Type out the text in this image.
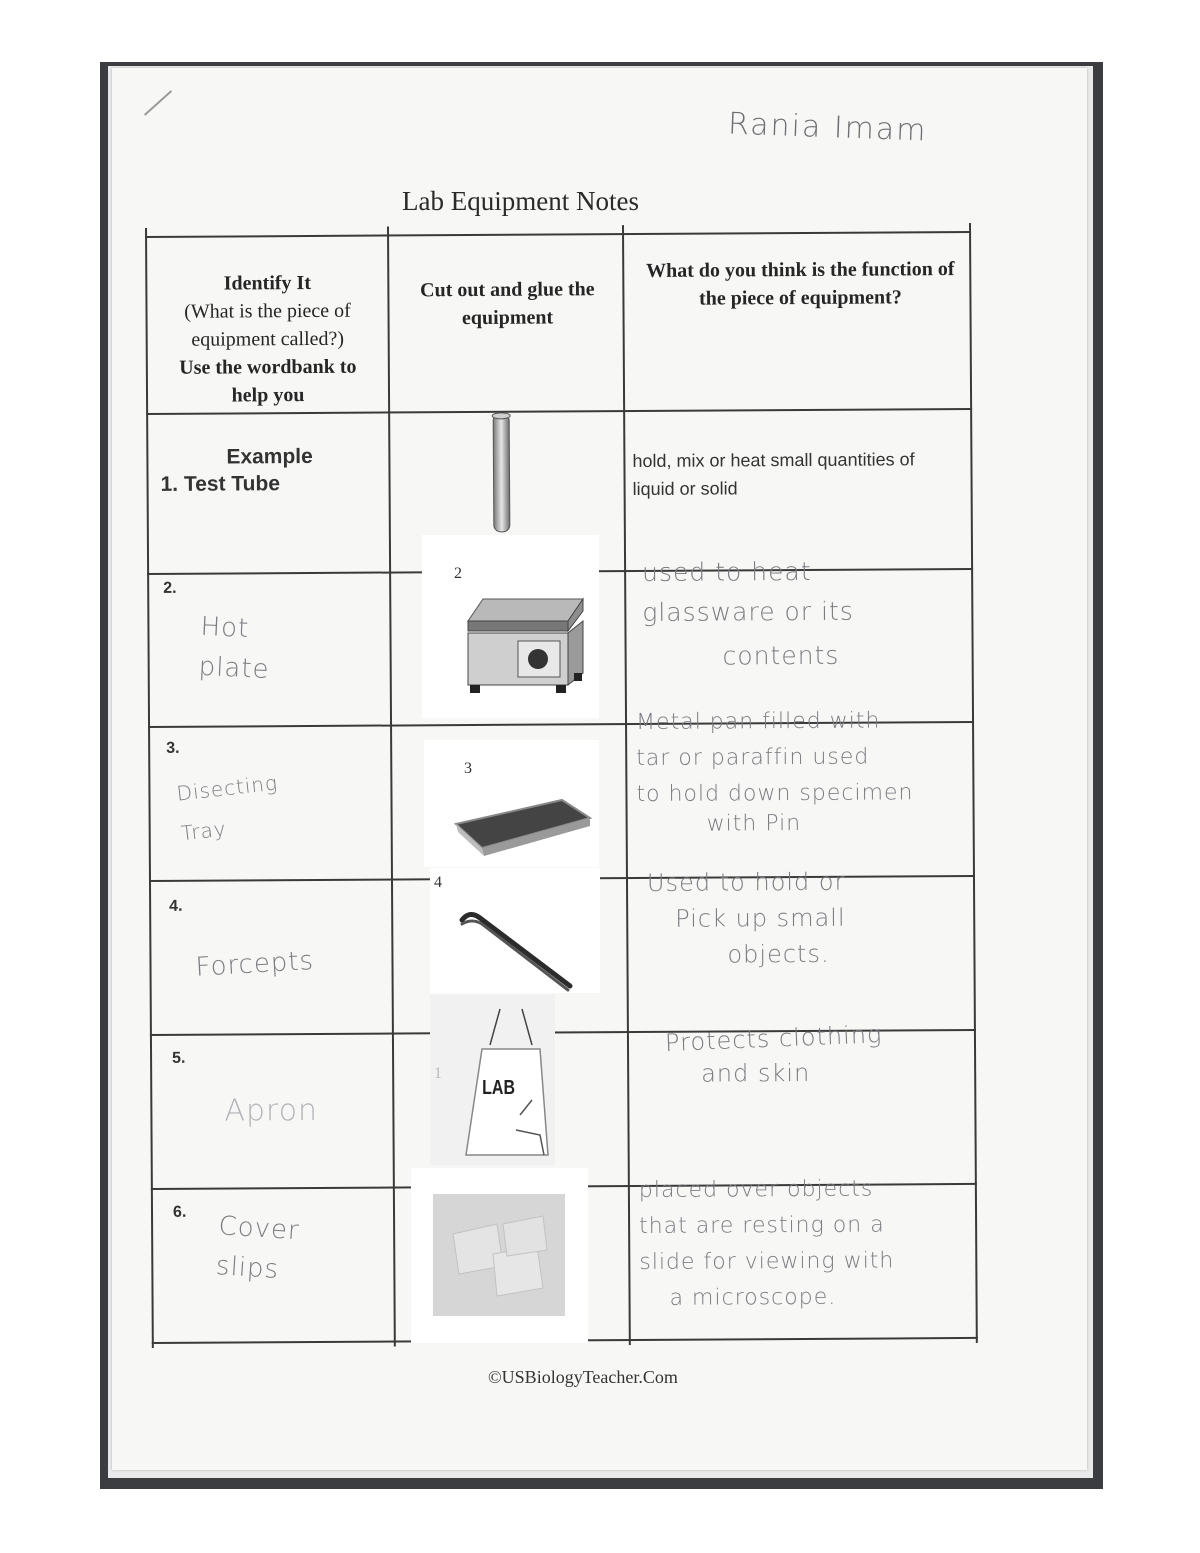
Rania Imam
Lab Equipment Notes
Identify It
(What is the piece of equipment called?)
Use the wordbank to help you
Cut out and glue the equipment
What do you think is the function of the piece of equipment?
Example
1. Test Tube
hold, mix or heat small quantities of liquid or solid
2.
Hot plate
used to heat
glassware or its
contents
3.
Disecting Tray
Metal pan filled with
tar or paraffin used
to hold down specimen
with Pin
4.
Forcepts
Used to hold or
Pick up small
objects.
5.
Apron
Protects clothing
and skin
6. Cover slips
placed over objects
that are resting on a
slide for viewing with
a microscope.
2
3
4
1
LAB
©USBiologyTeacher.Com
